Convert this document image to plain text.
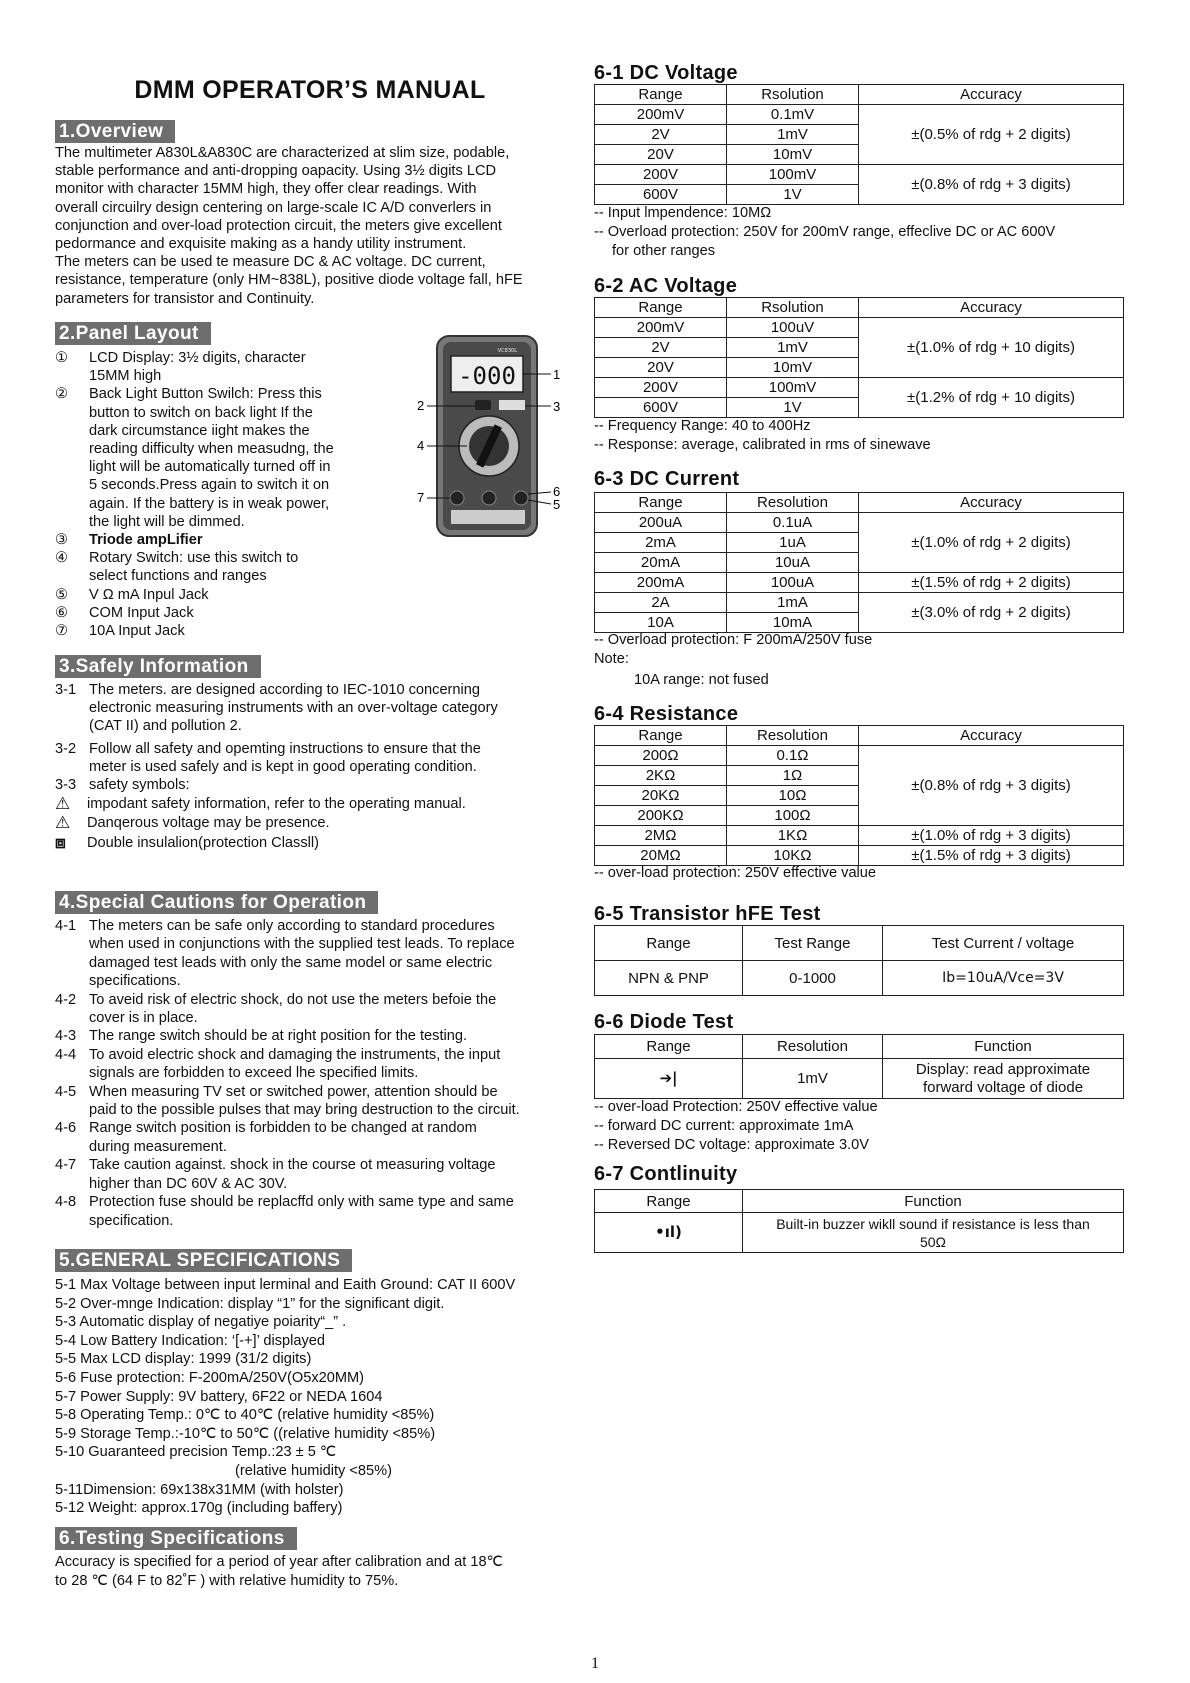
DMM OPERATOR’S MANUAL
1.Overview

The multimeter A830L&A830C are characterized at slim size, podable,

stable performance and anti-dropping oapacity. Using 3½ digits LCD

monitor with character 15MM high, they offer clear readings. With

overall circuilry design centering on large-scale IC A/D converlers in

conjunction and over-load protection circuit, the meters give excellent

pedormance and exquisite making as a handy utility instrument.

The meters can be used te measure DC & AC voltage. DC current,

resistance, temperature (only HM~838L), positive diode voltage fall, hFE

parameters for transistor and Continuity.

2.Panel Layout
①	LCD Display: 3½ digits, character

15MM high

②	Back Light Button Swilch: Press this

button to switch on back light If the

dark circumstance iight makes the

reading difficulty when measudng, the

light will be automatically turned off in

5 seconds.Press again to switch it on

again. If the battery is in weak power,

the light will be dimmed.

③	Triode ampLifier

④	Rotary Switch: use this switch to

select functions and ranges

⑤	V Ω mA Inpul Jack

⑥	COM Input Jack

⑦	10A Input Jack

VC830L
-000	1
2	3
4
7	6
5
3.Safely Information
3-1 The meters. are designed according to IEC-1010 concerning

electronic measuring instruments with an over-voltage category

(CAT II) and pollution 2.

3-2 Follow all safety and opemting instructions to ensure that the

meter is used safely and is kept in good operating condition.

3-3 safety symbols:

⚠	impodant safety information, refer to the operating manual.
⚠	Danqerous voltage may be presence.
⧈	Double insulalion(protection Classll)
4.Special Cautions for Operation
4-1 The meters can be safe only according to standard procedures

when used in conjunctions with the supplied test leads. To replace

damaged test leads with only the same model or same electric

specifications.

4-2 To aveid risk of electric shock, do not use the meters befoie the

cover is in place.

4-3 The range switch should be at right position for the testing.

4-4 To avoid electric shock and damaging the instruments, the input

signals are forbidden to exceed lhe specified limits.

4-5 When measuring TV set or switched power, attention should be

paid to the possible pulses that may bring destruction to the circuit.

4-6 Range switch position is forbidden to be changed at random

during measurement.

4-7 Take caution against. shock in the course ot measuring voltage

higher than DC 60V & AC 30V.

4-8 Protection fuse should be replacffd only with same type and same

specification.

5.GENERAL SPECIFICATIONS

5-1 Max Voltage between input lerminal and Eaith Ground: CAT II 600V

5-2 Over-mnge Indication: display “1” for the significant digit.

5-3 Automatic display of negatiye poiarity“_” .

5-4 Low Battery Indication: ‘[-+]’ displayed

5-5 Max LCD display: 1999 (31/2 digits)

5-6 Fuse protection: F-200mA/250V(O5x20MM)

5-7 Power Supply: 9V battery, 6F22 or NEDA 1604

5-8 Operating Temp.: 0℃ to 40℃ (relative humidity <85%)

5-9 Storage Temp.:-10℃ to 50℃ ((relative humidity <85%)

5-10 Guaranteed precision Temp.:23 ± 5 ℃

(relative humidity <85%)

5-11Dimension: 69x138x31MM (with holster)

5-12 Weight: approx.170g (including baffery)

6.Testing Specifications

Accuracy is specified for a period of year after calibration and at 18℃

to 28 ℃ (64 F to 82˚F ) with relative humidity to 75%.

6-1 DC Voltage
Range	Rsolution	Accuracy
200mV	0.1mV	±(0.5% of rdg + 2 digits)
2V	1mV	
20V	10mV	
200V	100mV	±(0.8% of rdg + 3 digits)
600V	1V	

-- Input lmpendence: 10MΩ

-- Overload protection: 250V for 200mV range, effeclive DC or AC 600V

for other ranges

6-2 AC Voltage
Range	Rsolution	Accuracy
200mV	100uV	±(1.0% of rdg + 10 digits)
2V	1mV	
20V	10mV	
200V	100mV	±(1.2% of rdg + 10 digits)
600V	1V	

-- Frequency Range: 40 to 400Hz

-- Response: average, calibrated in rms of sinewave

6-3 DC Current
Range	Resolution	Accuracy
200uA	0.1uA	±(1.0% of rdg + 2 digits)
2mA	1uA	
20mA	10uA	
200mA	100uA	±(1.5% of rdg + 2 digits)
2A	1mA	±(3.0% of rdg + 2 digits)
10A	10mA	

-- Overload protection: F 200mA/250V fuse

Note:

10A range: not fused

6-4 Resistance
Range	Resolution	Accuracy
200Ω	0.1Ω	±(0.8% of rdg + 3 digits)
2KΩ	1Ω	
20KΩ	10Ω	
200KΩ	100Ω	
2MΩ	1KΩ	±(1.0% of rdg + 3 digits)
20MΩ	10KΩ	±(1.5% of rdg + 3 digits)

-- over-load protection: 250V effective value

6-5 Transistor hFE Test
Range	Test Range	Test Current / voltage
NPN & PNP	0-1000	Ib=10uA/Vce=3V
6-6 Diode Test
Range	Resolution	Function
➔|	1mV	Display: read approximate

forward voltage of diode

-- over-load Protection: 250V effective value

-- forward DC current: approximate 1mA

-- Reversed DC voltage: approximate 3.0V

6-7 Contlinuity
Range	Function
•ıl)	Built-in buzzer wikll sound if resistance is less than

50Ω

1
